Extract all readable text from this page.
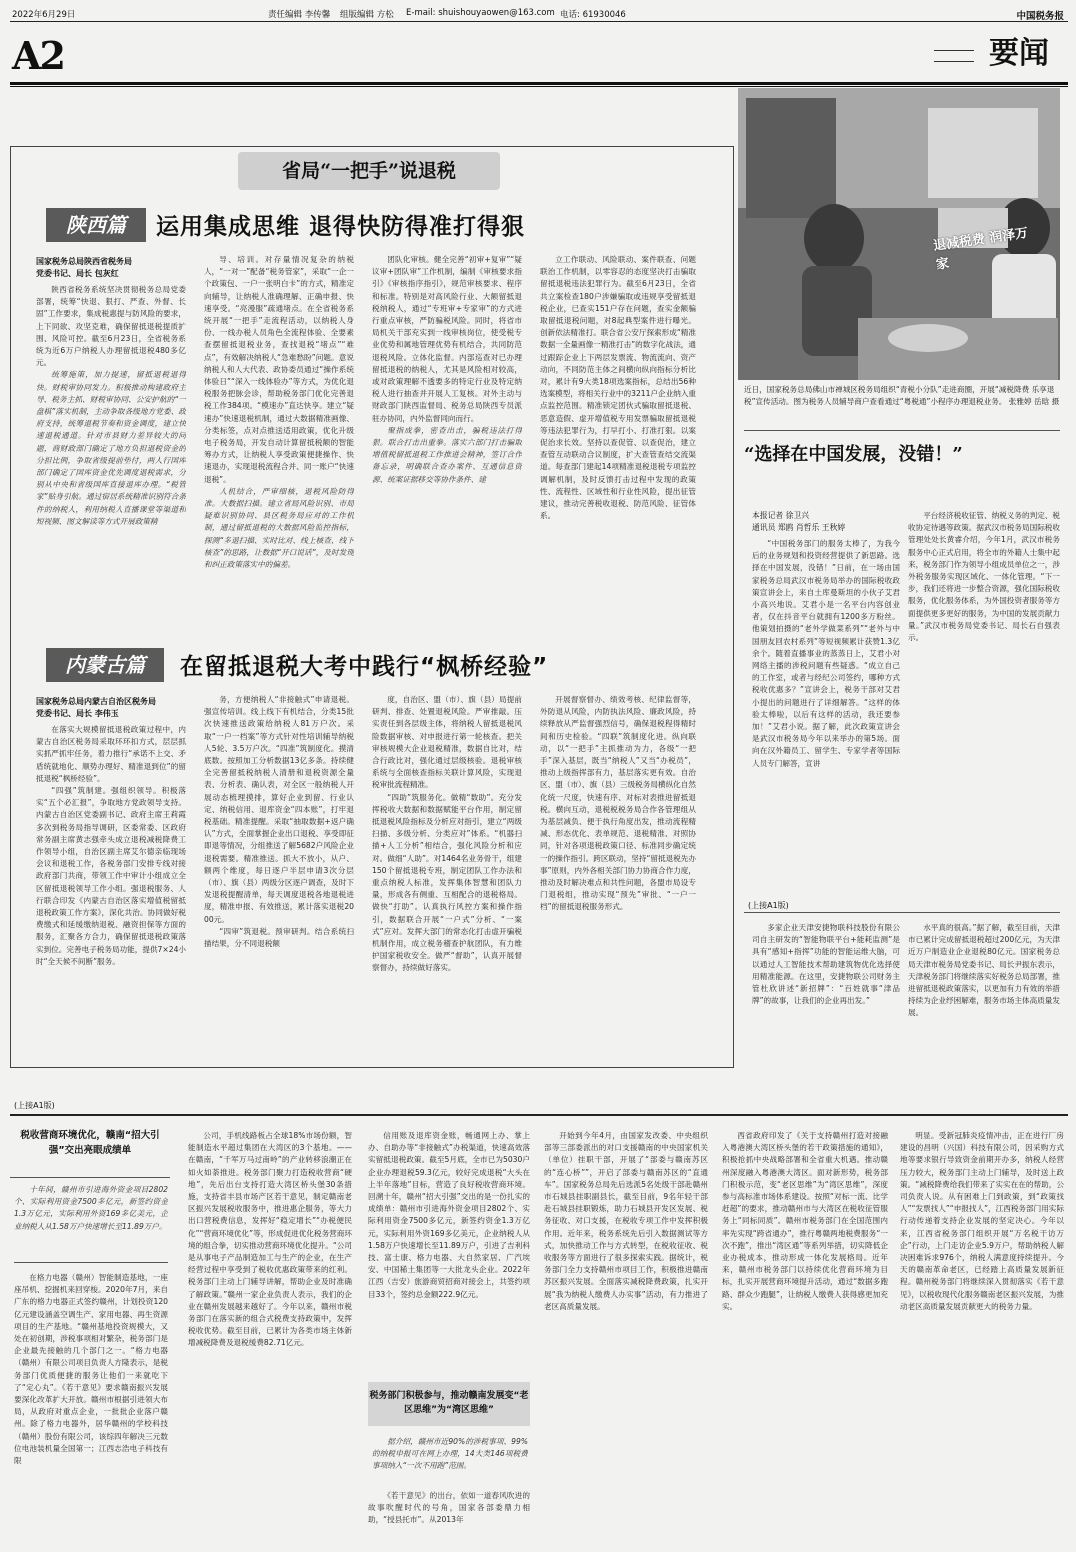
2022年6月29日	责任编辑 李传馨 组版编辑 方松 E-mail: shuishouyaowen@163.com 电话: 61930046	中国税务报
A2	要闻
省局“一把手”说退税
陕西篇	运用集成思维 退得快防得准打得狠
国家税务总局陕西省税务局
党委书记、局长 包灰红

陕西省税务系统坚决贯彻税务总局党委部署，统筹“快退、狠打、严查、外督、长固”工作要求，集成税惠提与防风险的要求，上下同欲、攻坚克难，确保留抵退税提质扩围、风险可控。截至6月23日，全省税务系统为近6万户纳税人办理留抵退税480多亿元。

统筹施策，加力提速，留抵退税退得快。财税审协同发力。积极推动构建政府主导、税务主抓、财税审协同、公安护航的“一盘棋”落实机制，主动争取各级地方党委、政府支持，统筹退税节奏和资金调度，建立快速退税通道。针对市县财力差异较大的问题，商财政部门确定了地方负担退税资金的分担比例，争取省级提前垫付，两人行国库部门确定了国库资金优先调度退税需求，分别从中央和省级国库直接退库办理。“税管家”贴身引航。通过宿居系统精准识别符合条件的纳税人，利用纳税人直播课堂等渠道和短视频、图文解读等方式开展政策精

导、培训。对存量情况复杂的纳税人，“一对一”配备“税务管家”，采取“一企一个政策包、一户一张明白卡”的方式，精准定向辅导，让纳税人准确理解、正确申报、快速享受。“亮漫服”疏通堵点。在全省税务系统开展“一把手”走流程活动，以纳税人身份、一线办税人员角色全流程体验、全要素查摆留抵退税业务，查找退税“堵点”“难点”，有效解决纳税人“急难愁盼”问题。意说纳税人和人大代表、政协委员通过“操作系统体验日”“深入一线体验办”等方式，为优化退税服务把脉会诊，帮助税务部门优化完善退税工作384项。“模速办”直达快享。建立“疑速办”快速退税机制，通过大数据精准画像、分类标签，点对点推送适用政策，优化升级电子税务局，开发自动计算留抵税额的智能筹办方式，让纳税人享受政策便捷操作、快速退办，实现退税流程合并、同一账户“快速退税”。

人机结合，严审细核，退税风险防得准。大数据扫描。建立省局风险识别、市局疑难识别协同、县区税务局应对的工作机制，通过留抵退税的大数据风险监控指标，探测“多退扫描、实时比对、线上核查、线下核查”的思路，让数据“开口说话”，及时发现和纠正政策落实中的偏差。

团队化审核。健全完善“初审+复审”“疑议审+团队审”工作机制，编制《审核要求指引》《审核指序指引》，规范审核要求、程序和标准。特别是对高风险行业、大额留抵退税纳税人，通过“专班审+专家审”的方式进行重点审核，严防骗税风险。同时，将省市局机关干部充实到一线审核岗位，使受税专业优势和属地管理优势有机结合，共同防范退税风险。立体化监督。内部巡查对已办理留抵退税的纳税人，尤其是风险相对较高，或对政策理解不透要多的特定行业及特定纳税人进行抽查并开展人工复核。对外主动与财政部门陕西监督局、税务总局陕西专员派驻办协同，内外监督同向而行。

聚指成拳，密查出击，骗税违法打得狠。联合打击出重拳。落实六部门打击骗取增值税留抵退税工作推进会精神，签订合作备忘录，明确联合查办案件、互通信息资源、统案证据移交等协作条件、建

立工作联动、风险联动、案件联查、问题联治工作机制，以零容忍的态度坚决打击骗取留抵退税违法犯罪行为。截至6月23日，全省共立案检查180户涉嫌骗取或违规享受留抵退税企业，已查实151户存在问题，查实金额骗取留抵退税问题，对8起典型案件进行曝光。创新依法精准打。联合省公安厅探索形成“精准数据一全量画像一精准打击”的数字化战法，通过跟踪企业上下两层发票流、物流流向、资产动向，不同防范主体之间横向纵向指标分析比对，累计有9大类18项选案指标，总结出56种选案模型，将相关行业中的3211户企业纳入重点监控范围。精准锁定团伙式骗取留抵退税、恶意造假、虚开增值税专用发票骗取留抵退税等违法犯罪行为，打早打小、打准打狠。以案促治求长效。坚持以查促管、以查促治，建立查管互动联动合议制度，扩大查管查结交流渠道。每查部门建起14项精准退税退税专项监控调解机制，及时反馈打击过程中发现的政策性、流程性、区域性和行业性风险，提出征管建议，推动完善税收退税、防范风险、征管体系。

内蒙古篇	在留抵退税大考中践行“枫桥经验”
国家税务总局内蒙古自治区税务局
党委书记、局长 李伟玉

在落实大规模留抵退税政策过程中，内蒙古自治区税务局采取环环扣方式，层层抓实抓严抓牢任务，着力推行“承诺不上交、矛盾统就地化、顺势办理好、精准退到位”的留抵退税“枫桥经验”。

“四强”筑制建。强组织领导。积极落实“五个必汇报”，争取地方党政领导支持。内蒙古自治区党委副书记、政府主席王莉霞多次到税务局指导调研，区委常委、区政府常务副主席黄志强牵头成立退税减税降费工作领导小组，自治区副主席艾尔德亲临现场会议和退税工作，各税务部门安排专线对接政府部门共商，带领工作中审计小组成立全区留抵退税领导工作小组。强退税服务、人行联合印发《内蒙古自治区落实增值税留抵退税政策工作方案》，深化共治。协同做好税费缴式和延缓缴纳退税、融资担保等方面的服务，汇聚各方合力，确保留抵退税政策落实到位。完善电子税务局功能，提供7×24小时“全天候不间断”服务。

务，方便纳税人“非接触式”申请退税。强宣传培训。线上线下有机结合，分类15批次快速推送政策给纳税人81万户次。采取“一户一档案”等方式针对性培训辅导纳税人5轮、3.5万户次。“四准”筑制度化。摸清底数。按照加工分析数据13亿多条。持续健全完善留抵税纳税人清册和退税资源全量表、分析表、确认表，对全区一般纳税人开展动态梳理摸排，算好企业到留、行业认定、纳税信用、退库资金“四本账”，打牢退税基础。精准提醒。采取“抽取数据+返户确认”方式，全面掌握企业出口退税、享受即征即退等情况，分组推送了解5682户风险企业退税需要。精准推送。抓大不放小，从户、额两个维度，每日逐户半层申请3次分层（市）、旗（县）两级分区逐户调查，及时下发退税提醒清单，每天调度退税各地退税进度，精准申报、有效推送，累计落实退税2000元。

“四审”筑退税。预审研判。结合系统扫描结果，分不同退税额

度，自治区、盟（市）、旗（县）局提前研判、排查、处置退税风险。严审推敲。压实责任到各层级主体，将纳税人留抵退税风险数据审核、对申报进行第一轮核查。把关审核规模大企业退税精准，数据自比对，结合行政比对，强化通过层级核验。退税审核系统与全面核查指标关联计算风险，实现退税审批流程精准。

“四助”筑服务化。做精“数助”。充分发挥税收大数据和数据赋能平台作用，制定留抵退税风险指标及分析应对指引，建立“两级扫描、多级分析、分类应对”体系。“机器扫描+人工分析”相结合，强化风险分析和应对。做细“人助”。对1464名业务骨干，组建150个留抵退税专班，制定团队工作办法和重点纳税人标准，发挥集体智慧和团队力量，形成各有侧重、互相配合的退税格局。做快“打助”。认真执行风控方案和操作指引，数据联合开展“一户式”分析、“一案式”应对。发挥大部门的常态化打击虚开骗税机制作用，成立税务稽查护航团队，有力维护国家税收安全。做严“督助”，认真开展督察督办，持续做好落实。

开展督察督办、绩效考核、纪律监督等，外防退从风险，内防执法风险、廉政风险，持续释放从严监督强烈信号，确保退税程得精时间和历史检验。“四联”筑制度化进。纵向联动，以“一把手”主抓推动为力，各级“一把手”深入基层，既当“纳税人”又当“办税员”，推动上级指挥部有力，基层落实更有效。自治区、盟（市）、旗（县）三级税务局横纵化自然化统一尺度，快速有序、对标对表推进留抵退税。横向互动，退税税税务局合作各管理组从为基层减负、便于执行角度出发，推动流程精减、形态优化、表单规范、退税精准、对照协同，针对各项退税政策口径、标准同步确定统一的操作指引。跨区联动，坚持“留抵退税先办事”原则，内外各相关部门协力协商合作力度，推动及时解决难点和共性问题，各盟市局设专门退税组，推动实现“预先”审批、“一户一档”的留抵退税服务形式。

退减税费 润泽万家
近日，国家税务总局佛山市禅城区税务局组织“青税小分队”走进商圈，开展“减税降费 乐享退税”宣传活动。图为税务人员辅导商户查看通过“粤税通”小程序办理退税业务。 张雅婷 岳晗 摄
“选择在中国发展，没错！”
本报记者 徐卫兴
通讯员 郑鸥 肖哲乐 王秋婷

“中国税务部门的服务太棒了，为我今后的业务规划和投资经营提供了新思路。选择在中国发展，没错！”日前，在一场由国家税务总局武汉市税务局举办的国际税收政策宣讲会上，来自土库曼斯坦的小伙子艾君小高兴地说。艾君小是一名平台内容创业者，仅在抖音平台就拥有1200多万粉丝。他策划拍摄的“老外学做菜系列”“老外与中国朋友回农村系列”等短视频累计获赞1.3亿余个。随着直播事业的蒸蒸日上，艾君小对网络主播的涉税问题有些疑惑。“成立自己的工作室，或者与经纪公司签约，哪种方式税收优惠多？”宣讲会上，税务干部对艾君小提出的问题进行了详细解答。“这样的体验太棒啦，以后有这样的活动，我还要参加！”艾君小说。据了解，此次政策宣讲会是武汉市税务局今年以来举办的第5场。面向在汉外籍员工、留学生、专家学者等国际人员专门解答，宣讲

平台经济税收征管、纳税义务的判定、税收协定待遇等政策。据武汉市税务局国际税收管理处处长黄睿介绍，今年1月，武汉市税务服务中心正式启用，将全市的外籍人士集中起来，税务部门作为领导小组成员单位之一，涉外税务服务实现区域化、一体化管理。“下一步，我们还将进一步整合资源，强化国际税收服务，优化服务体系，为外国投资者服务等方面提供更多更好的服务，为中国的发展贡献力量。”武汉市税务局党委书记、局长石自强表示。

(上接A1版)

多家企业天津安捷物联科技股份有限公司自主研发的“智能物联平台+能耗监测”是具有“感知+指挥”功能的智能运维大脑，可以通过人工智能技术帮助建筑物优化选择使用精准能源。在这里，安捷物联公司财务主管杜欣讲述“新招牌”：“百姓就事“津品牌”的故事，让我们的企业再出发。”

水平真的很高。”据了解，截至目前，天津市已累计完成留抵退税超过200亿元，为天津近万户制造业企业退税80亿元。国家税务总局天津市税务局党委书记、局长尹振东表示，天津税务部门将继续落实好税务总局部署，推进留抵退税政策落实，以更加有力有效的举措持续为企业纾困解难，服务市场主体高质量发展。

(上接A1版)
税收营商环境优化，赣南“招大引强”交出亮眼成绩单

十年间，赣州市引进海外资金项目2802个、实际利用资金7500多亿元，新签约资金1.3万亿元，实际利用外资169多亿美元，企业纳税人从1.58万户快速增长至11.89万户。

在格力电器（赣州）智能制造基地，一座座吊机、挖掘机来回穿梭。2020年7月，来自广东的格力电器正式签约赣州，计划投资120亿元建设涵盖空调生产、家用电器、再生资源项目的生产基地。“赣州基地投资规模大，又处在初创期，涉税事项相对繁杂，税务部门是企业最先接触的几个部门之一。“格力电器（赣州）有限公司项目负责人方隆表示，是税务部门优质便捷的服务让他们一来就吃下了“定心丸”。《若干意见》要求赣南振兴发展要深化改革扩大开放。赣州市根据引进领大布局，从政府对重点企业，一批批企业落户赣州。除了格力电器外，居华赣州的学校科技（赣州）股份有限公司，该综四年解决三元数位电池装机量全国第一；江西志浩电子科技有限

公司，手机线路板占全球18%市场份额，智能制造水平超过集团在大湾区的3个基地。——在赣南，“千军万马过南岭”的产业转移浪潮正在如火如荼推进。税务部门聚力打造税收营商“硬地”，先后出台支持打造大湾区桥头堡30条措施，支持省丰县市场产区若干意见，制定赣南老区振兴发展税收服务中，推进惠企服务，等大力出口营税费信息，发挥好“稳定增长”“办税便民化”“营商环境优化”等，形成促进优化税务营商环境的组合拳，切实推动营商环境优化提升。“公司是从事电子产品制造加工与生产的企业，在生产经营过程中享受到了税收优惠政策带来的红利。税务部门主动上门辅导讲解，帮助企业及时准确了解政策。”赣州一家企业负责人表示，我们的企业在赣州发展越来越好了。今年以来，赣州市税务部门在落实新的组合式税费支持政策中，发挥税收优势。截至目前，已累计为各类市场主体新增减税降费及退税缓费82.71亿元。

信用账及退库资金账，畅通网上办、掌上办、自助办等“非接触式”办税渠道，快速高效落实留抵退税政策。截至5月底，全市已为5030户企业办理退税59.3亿元，较好完成退税“大头在上半年落地”目标，营造了良好税收营商环境。回溯十年，赣州“招大引强”交出的是一份扎实的成绩单：赣州市引进海外资金项目2802个、实际利用资金7500多亿元，新签约资金1.3万亿元，实际利用外资169多亿美元，企业纳税人从1.58万户快速增长至11.89万户，引进了吉利科技、富士康、格力电器、大自然家居、广汽埃安、中国稀土集团等一大批龙头企业。2022年江西（吉安）旅游商贸招商对接会上，共签约项目33个，签约总金额222.9亿元。

税务部门积极参与，推动赣南发展变“老区思维”为“湾区思维”

据介绍，赣州市近90%的涉税事项、99%的纳税申报可在网上办理，14大类146项税费事项纳入“一次不用跑”范围。

《若干意见》的出台，依如一道春风吹进的故事吹醒时代的号角，国家各部委鼎力相助，“授县托市”。从2013年

开始到今年4月，由国家发改委、中央组织部等三部委派出的对口支援赣南的中央国家机关（单位）挂职干部，开展了“部委与赣南苏区的“连心桥””，开启了部委与赣南苏区的“直通车”。国家税务总局先后选派5名处级干部赴赣州市石城县挂职副县长，截至目前，9名年轻干部赴石城县挂职锻炼，助力石城县开发区发展、税务征收、对口支援，在税收专项工作中发挥积极作用。近年来，税务系统先后引入数据测试等方式，加快推动工作与方式转型，在税收征收、税收服务等方面进行了很多探索实践。据统计，税务部门全力支持赣州市项目工作，积极推进赣南苏区振兴发展。全面落实减税降费政策，扎实开展“我为纳税人缴费人办实事”活动，有力推进了老区高质量发展。

西省政府印发了《关于支持赣州打造对接融入粤港澳大湾区桥头堡的若干政策措施的通知》，积极抢抓中央战略部署和全省重大机遇。推动赣州深度融入粤港澳大湾区。面对新形势，税务部门积极示范，变“老区思维”为“湾区思维”，深度参与高标准市场体系建设。按照“对标一流、比学赶超”的要求，推动赣州市与大湾区在税收征管服务上“同标同质”。赣州市税务部门在全国范围内率先实现“跨省通办”，推行粤赣两地税费服务“一次不跑”，推出“湾区通”等系列举措，切实降低企业办税成本，推动形成一体化发展格局。近年来，赣州市税务部门以持续优化营商环境为目标，扎实开展营商环境提升活动，通过“数据多跑路、群众少跑腿”，让纳税人缴费人获得感更加充实。

明显。受新冠肺炎疫情冲击，正在进行厂房建设的昌明（兴国）科技有限公司，因采购方式地等要求银行导致资金前期开办多，纳税人经营压力较大，税务部门主动上门辅导，及时送上政策。“减税降费给我们带来了实实在在的帮助，公司负责人说。从有困难上门到政策，到“政策找人”“发票找人”“申报找人”，江西税务部门用实际行动传递着支持企业发展的坚定决心。今年以来，江西省税务部门组织开展“万名税干访万企”行动，上门走访企业5.9万户，帮助纳税人解决困难诉求976个，纳税人满意度持续提升。今天的赣南革命老区，已经踏上高质量发展新征程。赣州税务部门将继续深入贯彻落实《若干意见》，以税收现代化服务赣南老区振兴发展，为推动老区高质量发展贡献更大的税务力量。
